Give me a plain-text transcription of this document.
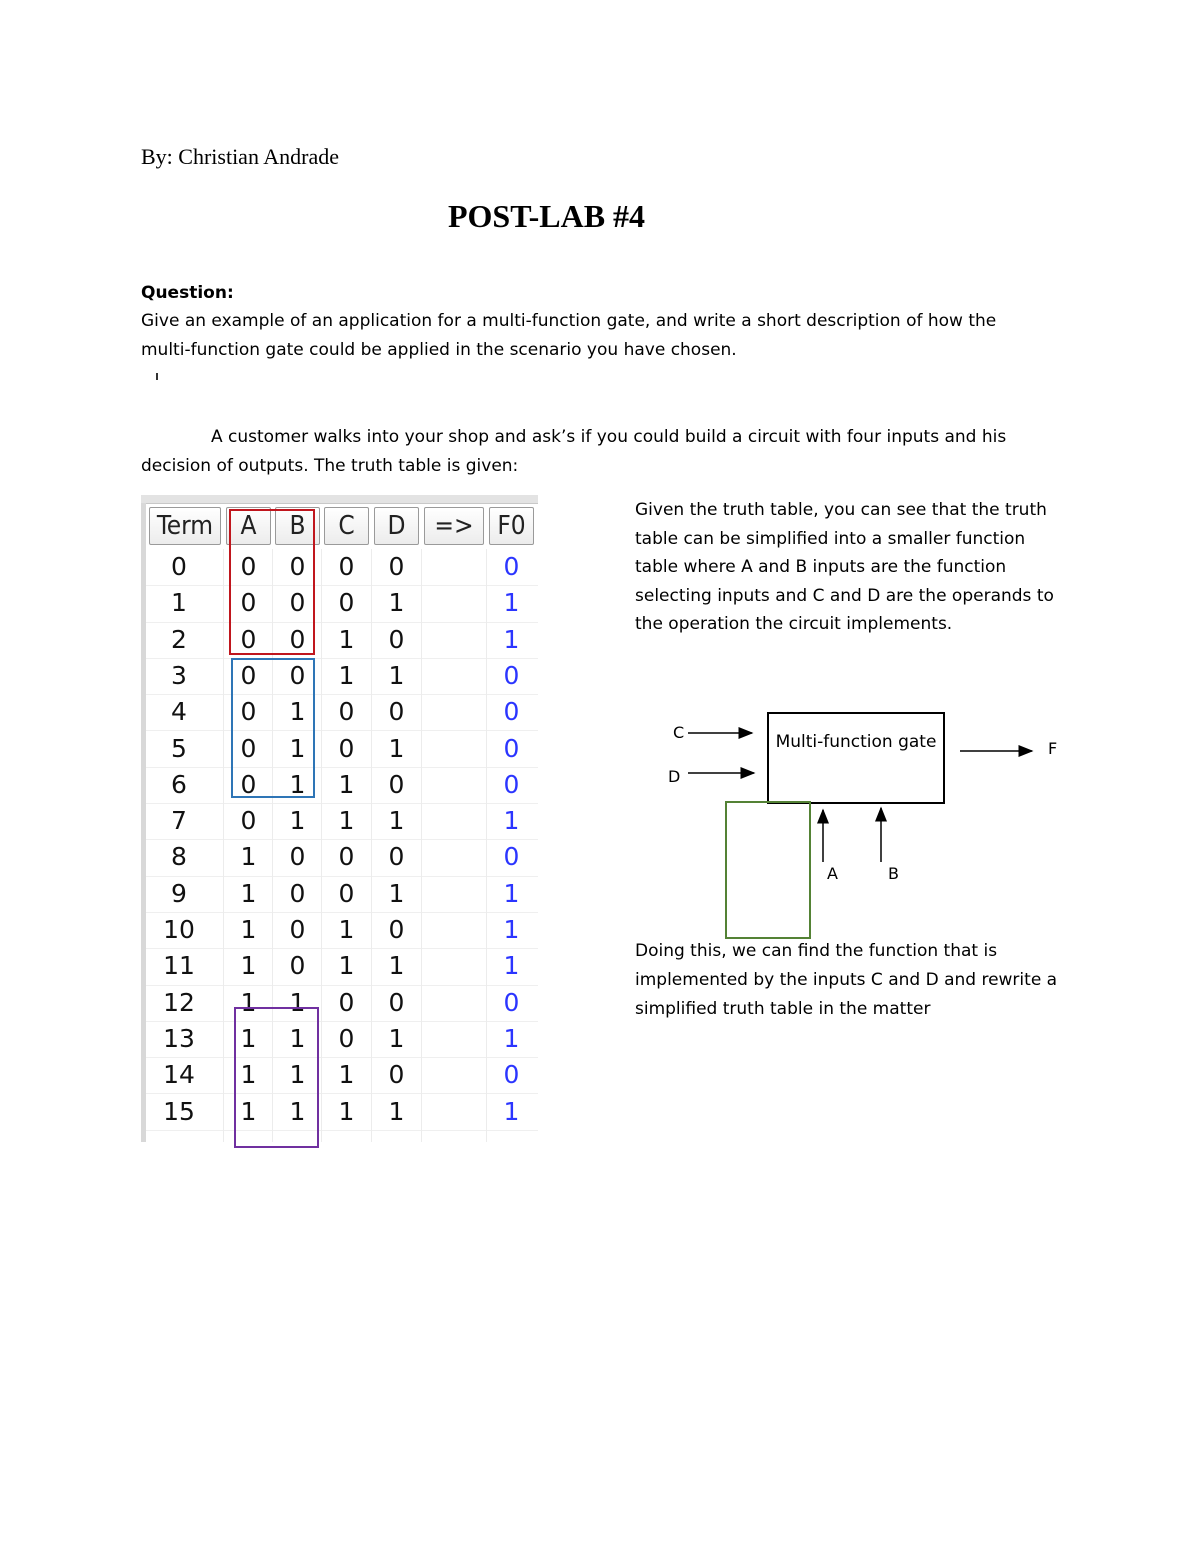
By: Christian Andrade
POST-LAB #4
Question:
Give an example of an application for a multi-function gate, and write a short description of how the multi-function gate could be applied in the scenario you have chosen.
A customer walks into your shop and ask’s if you could build a circuit with four inputs and his decision of outputs. The truth table is given:
Term	A	B	C	D	=> F0
0	0	0	0	0	0
1	0	0	0	1	1
2	0	0	1	0	1
3	0	0	1	1	0
4	0	1	0	0	0
5	0	1	0	1	0
6	0	1	1	0	0
7	0	1	1	1	1
8	1	0	0	0	0
9	1	0	0	1	1
10	1	0	1	0	1
11	1	0	1	1	1
12	1	1	0	0	0
13	1	1	0	1	1
14	1	1	1	0	0
15	1	1	1	1	1
Given the truth table, you can see that the truth table can be simplified into a smaller function table where A and B inputs are the function selecting inputs and C and D are the operands to the operation the circuit implements.
Multi-function gate
C
D
F
A	B
Doing this, we can find the function that is implemented by the inputs C and D and rewrite a simplified truth table in the matter
